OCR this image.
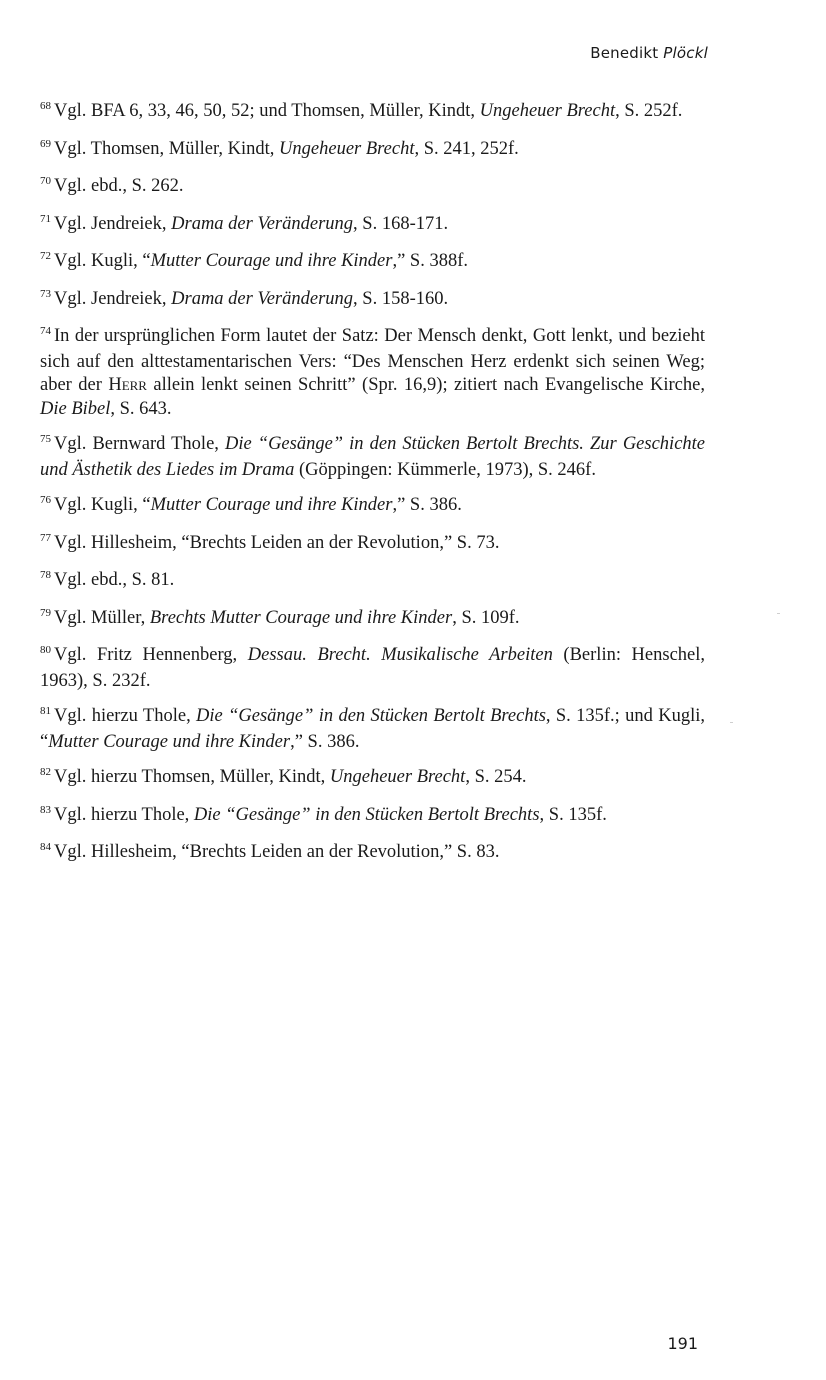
Benedikt Plöckl

$^{68}$ Vgl. BFA 6, 33, 46, 50, 52; und Thomsen, Müller, Kindt, Ungeheuer Brecht, S. 252f.

$^{69}$ Vgl. Thomsen, Müller, Kindt, Ungeheuer Brecht, S. 241, 252f.

$^{70}$ Vgl. ebd., S. 262.

$^{71}$ Vgl. Jendreiek, Drama der Veränderung, S. 168-171.

$^{72}$ Vgl. Kugli, “Mutter Courage und ihre Kinder,” S. 388f.

$^{73}$ Vgl. Jendreiek, Drama der Veränderung, S. 158-160.

$^{74}$ In der ursprünglichen Form lautet der Satz: Der Mensch denkt, Gott lenkt, und bezieht sich auf den alttestamentarischen Vers: “Des Menschen Herz erdenkt sich seinen Weg; aber der Herr allein lenkt seinen Schritt” (Spr. 16,9); zitiert nach Evangelische Kirche, Die Bibel, S. 643.

$^{75}$ Vgl. Bernward Thole, Die “Gesänge” in den Stücken Bertolt Brechts. Zur Geschichte und Ästhetik des Liedes im Drama (Göppingen: Kümmerle, 1973), S. 246f.

$^{76}$ Vgl. Kugli, “Mutter Courage und ihre Kinder,” S. 386.

$^{77}$ Vgl. Hillesheim, “Brechts Leiden an der Revolution,” S. 73.

$^{78}$ Vgl. ebd., S. 81.

$^{79}$ Vgl. Müller, Brechts Mutter Courage und ihre Kinder, S. 109f.

$^{80}$ Vgl. Fritz Hennenberg, Dessau. Brecht. Musikalische Arbeiten (Berlin: Henschel, 1963), S. 232f.

$^{81}$ Vgl. hierzu Thole, Die “Gesänge” in den Stücken Bertolt Brechts, S. 135f.; und Kugli, “Mutter Courage und ihre Kinder,” S. 386.

$^{82}$ Vgl. hierzu Thomsen, Müller, Kindt, Ungeheuer Brecht, S. 254.

$^{83}$ Vgl. hierzu Thole, Die “Gesänge” in den Stücken Bertolt Brechts, S. 135f.

$^{84}$ Vgl. Hillesheim, “Brechts Leiden an der Revolution,” S. 83.

191
